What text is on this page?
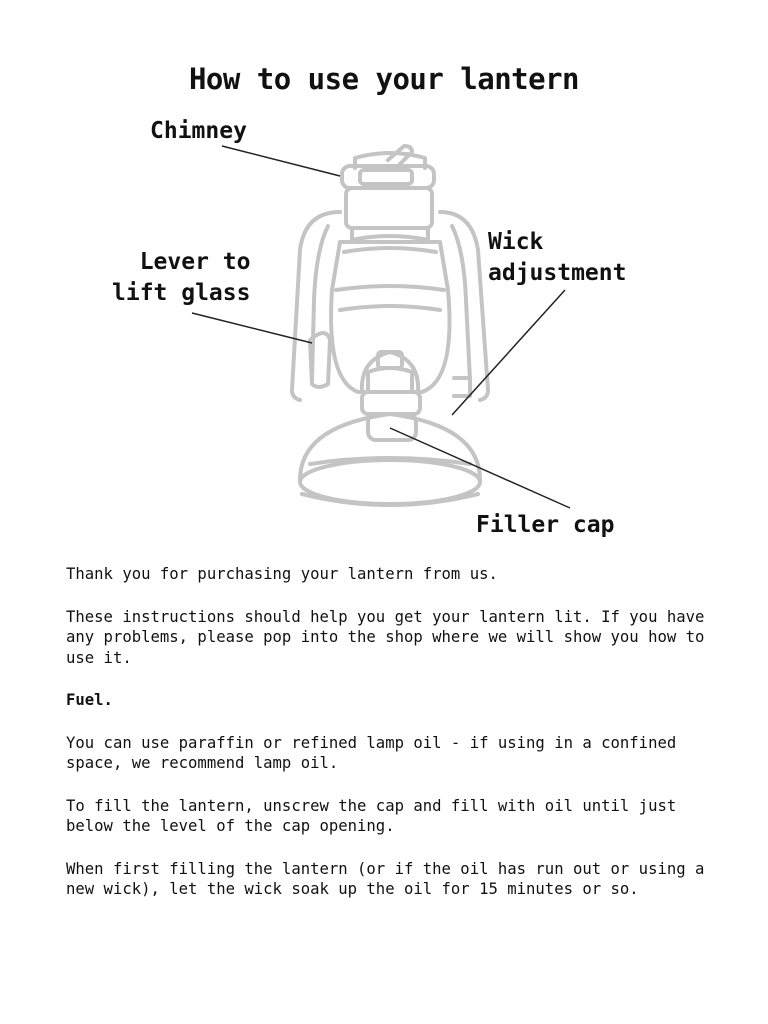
How to use your lantern
Chimney
Lever to
lift glass
Wick
adjustment
Filler cap

Thank you for purchasing your lantern from us.

These instructions should help you get your lantern lit. If you have any problems, please pop into the shop where we will show you how to use it.

Fuel.

You can use paraffin or refined lamp oil - if using in a confined space, we recommend lamp oil.

To fill the lantern, unscrew the cap and fill with oil until just below the level of the cap opening.

When first filling the lantern (or if the oil has run out or using a new wick), let the wick soak up the oil for 15 minutes or so.
